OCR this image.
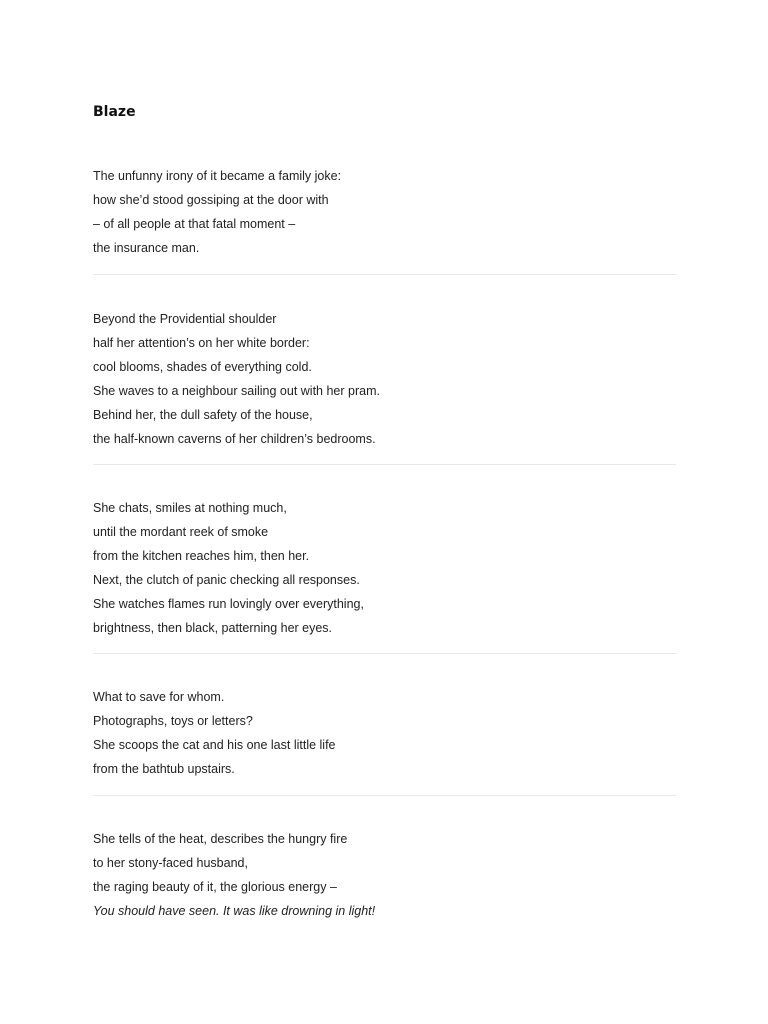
Blaze
The unfunny irony of it became a family joke:
how she’d stood gossiping at the door with
– of all people at that fatal moment –
the insurance man.
Beyond the Providential shoulder
half her attention’s on her white border:
cool blooms, shades of everything cold.
She waves to a neighbour sailing out with her pram.
Behind her, the dull safety of the house,
the half-known caverns of her children’s bedrooms.
She chats, smiles at nothing much,
until the mordant reek of smoke
from the kitchen reaches him, then her.
Next, the clutch of panic checking all responses.
She watches flames run lovingly over everything,
brightness, then black, patterning her eyes.
What to save for whom.
Photographs, toys or letters?
She scoops the cat and his one last little life
from the bathtub upstairs.
She tells of the heat, describes the hungry fire
to her stony-faced husband,
the raging beauty of it, the glorious energy –
You should have seen. It was like drowning in light!
